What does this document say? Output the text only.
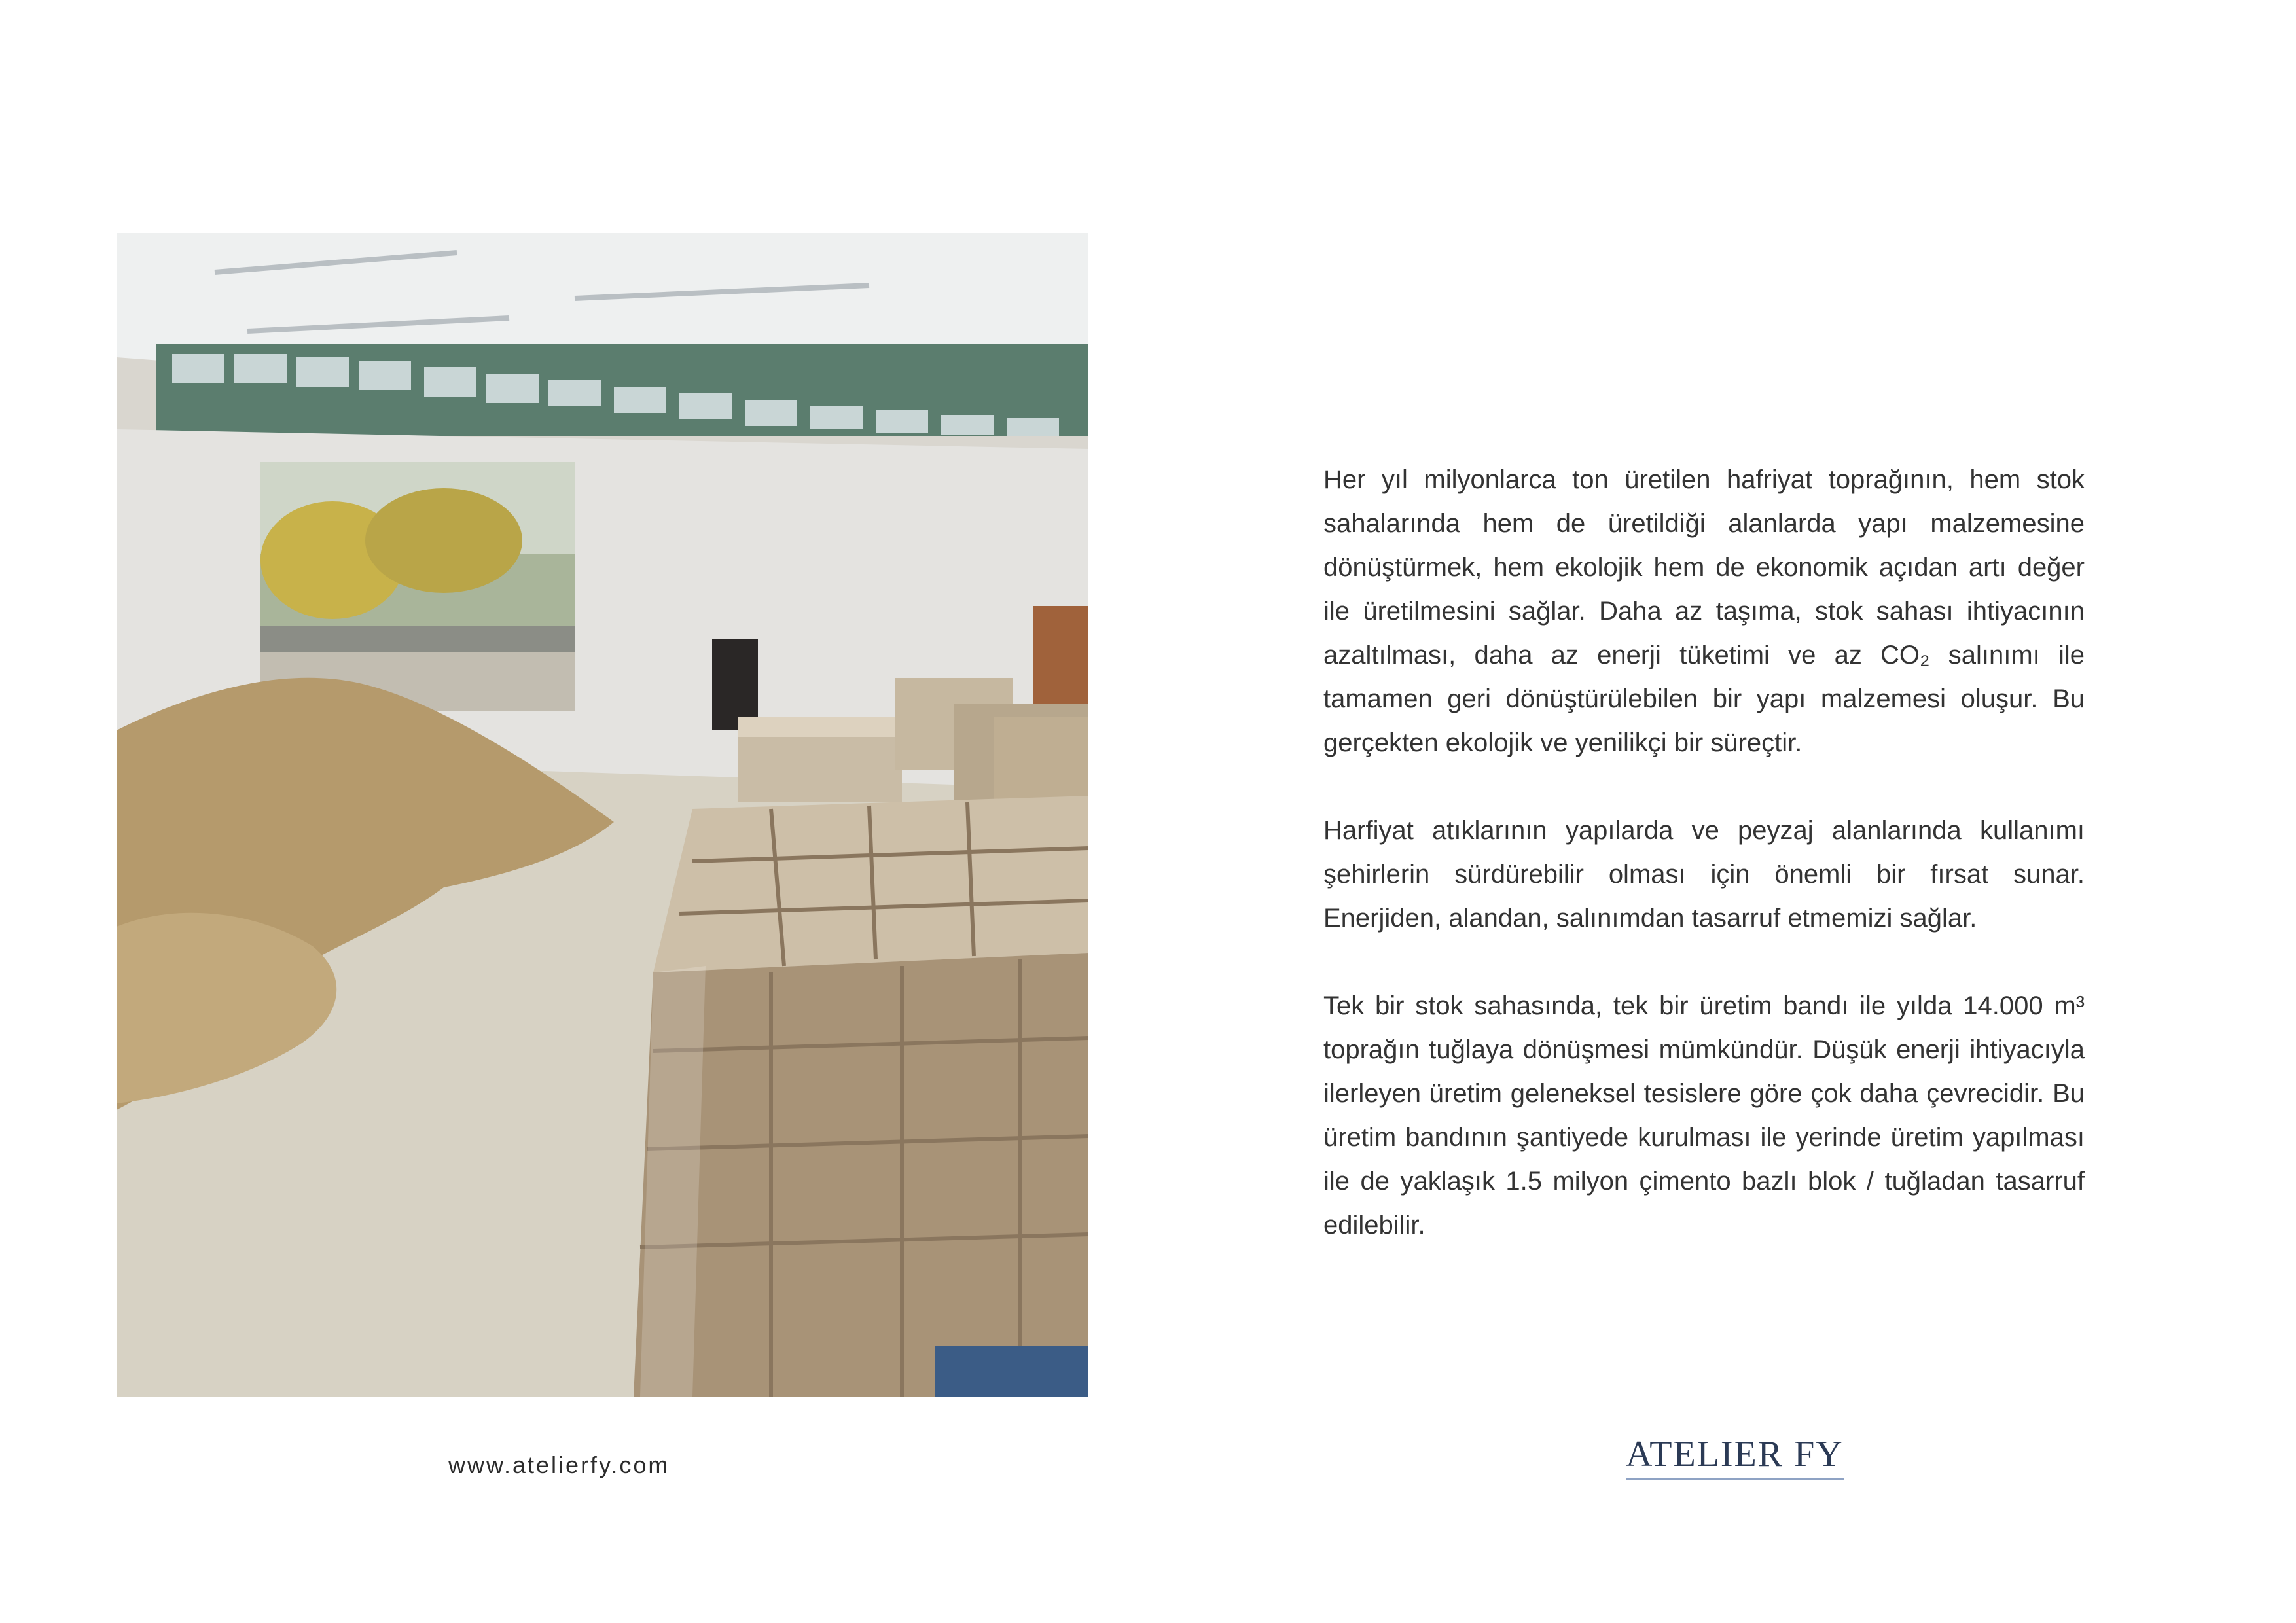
Her yıl milyonlarca ton üretilen hafriyat toprağının, hem stok sahalarında hem de üretildiği alanlarda yapı malzemesine dönüştürmek, hem ekolojik hem de ekonomik açıdan artı değer ile üretilmesini sağlar. Daha az taşıma, stok sahası ihtiyacının azaltılması, daha az enerji tüketimi ve az CO₂ salınımı ile tamamen geri dönüştürülebilen bir yapı malzemesi oluşur. Bu gerçekten ekolojik ve yenilikçi bir süreçtir.

Harfiyat atıklarının yapılarda ve peyzaj alanlarında kullanımı şehirlerin sürdürebilir olması için önemli bir fırsat sunar. Enerjiden, alandan, salınımdan tasarruf etmemizi sağlar.

Tek bir stok sahasında, tek bir üretim bandı ile yılda 14.000 m³ toprağın tuğlaya dönüşmesi mümkündür. Düşük enerji ihtiyacıyla ilerleyen üretim geleneksel tesislere göre çok daha çevrecidir. Bu üretim bandının şantiyede kurulması ile yerinde üretim yapılması ile de yaklaşık 1.5 milyon çimento bazlı blok / tuğladan tasarruf edilebilir.

www.atelierfy.com	ATELIER FY
